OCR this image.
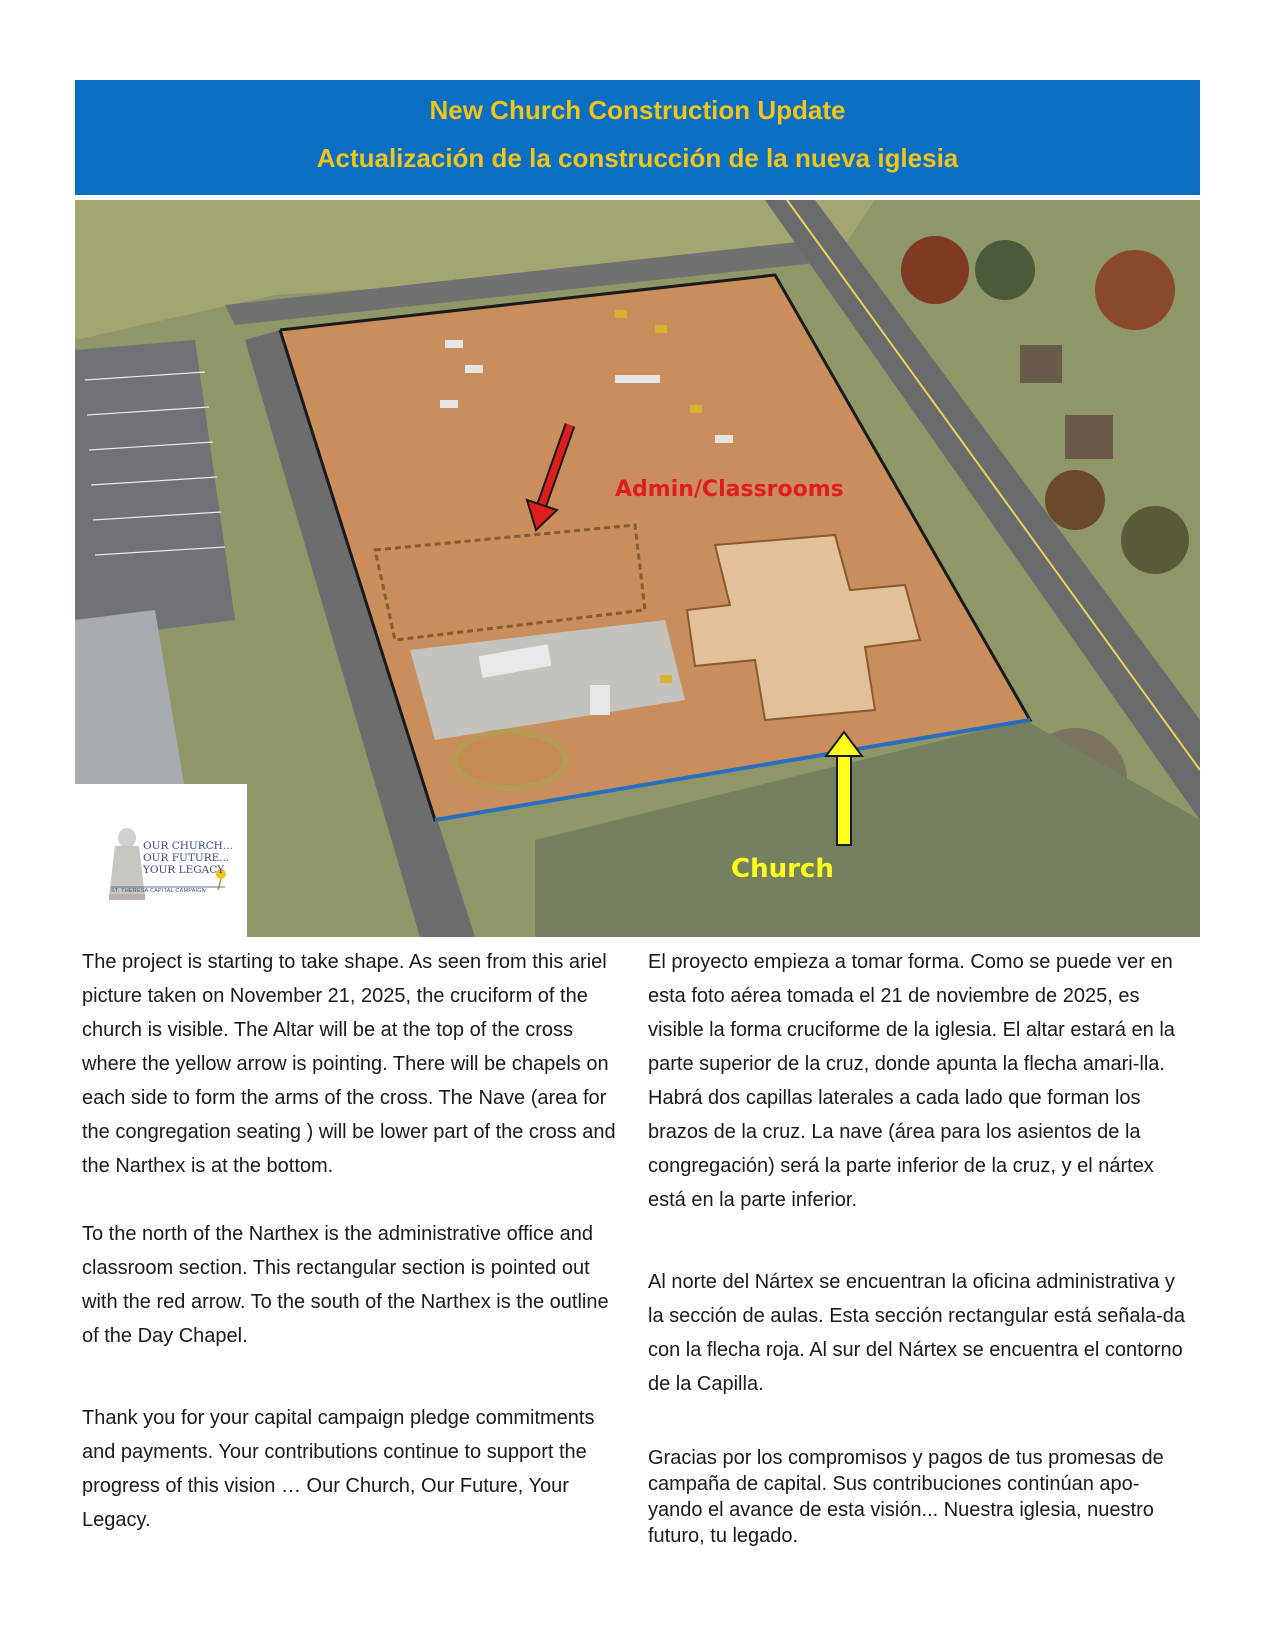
New Church Construction Update

Actualización de la construcción de la nueva iglesia

Admin/Classrooms
Church
OUR CHURCH...
OUR FUTURE...
YOUR LEGACY
ST. THERESA CAPITAL CAMPAIGN

The project is starting to take shape. As seen from this ariel picture taken on November 21, 2025, the cruciform of the church is visible. The Altar will be at the top of the cross where the yellow arrow is pointing. There will be chapels on each side to form the arms of the cross. The Nave (area for the congregation seating ) will be lower part of the cross and the Narthex is at the bottom.

To the north of the Narthex is the administrative office and classroom section. This rectangular section is pointed out with the red arrow. To the south of the Narthex is the outline of the Day Chapel.

Thank you for your capital campaign pledge commitments and payments. Your contributions continue to support the progress of this vision … Our Church, Our Future, Your Legacy.

El proyecto empieza a tomar forma. Como se puede ver en esta foto aérea tomada el 21 de noviembre de 2025, es visible la forma cruciforme de la iglesia. El altar estará en la parte superior de la cruz, donde apunta la flecha amari-lla. Habrá dos capillas laterales a cada lado que forman los brazos de la cruz. La nave (área para los asientos de la congregación) será la parte inferior de la cruz, y el nártex está en la parte inferior.

Al norte del Nártex se encuentran la oficina administrativa y la sección de aulas. Esta sección rectangular está señala-da con la flecha roja. Al sur del Nártex se encuentra el contorno de la Capilla.

Gracias por los compromisos y pagos de tus promesas de campaña de capital. Sus contribuciones continúan apo-yando el avance de esta visión... Nuestra iglesia, nuestro futuro, tu legado.
